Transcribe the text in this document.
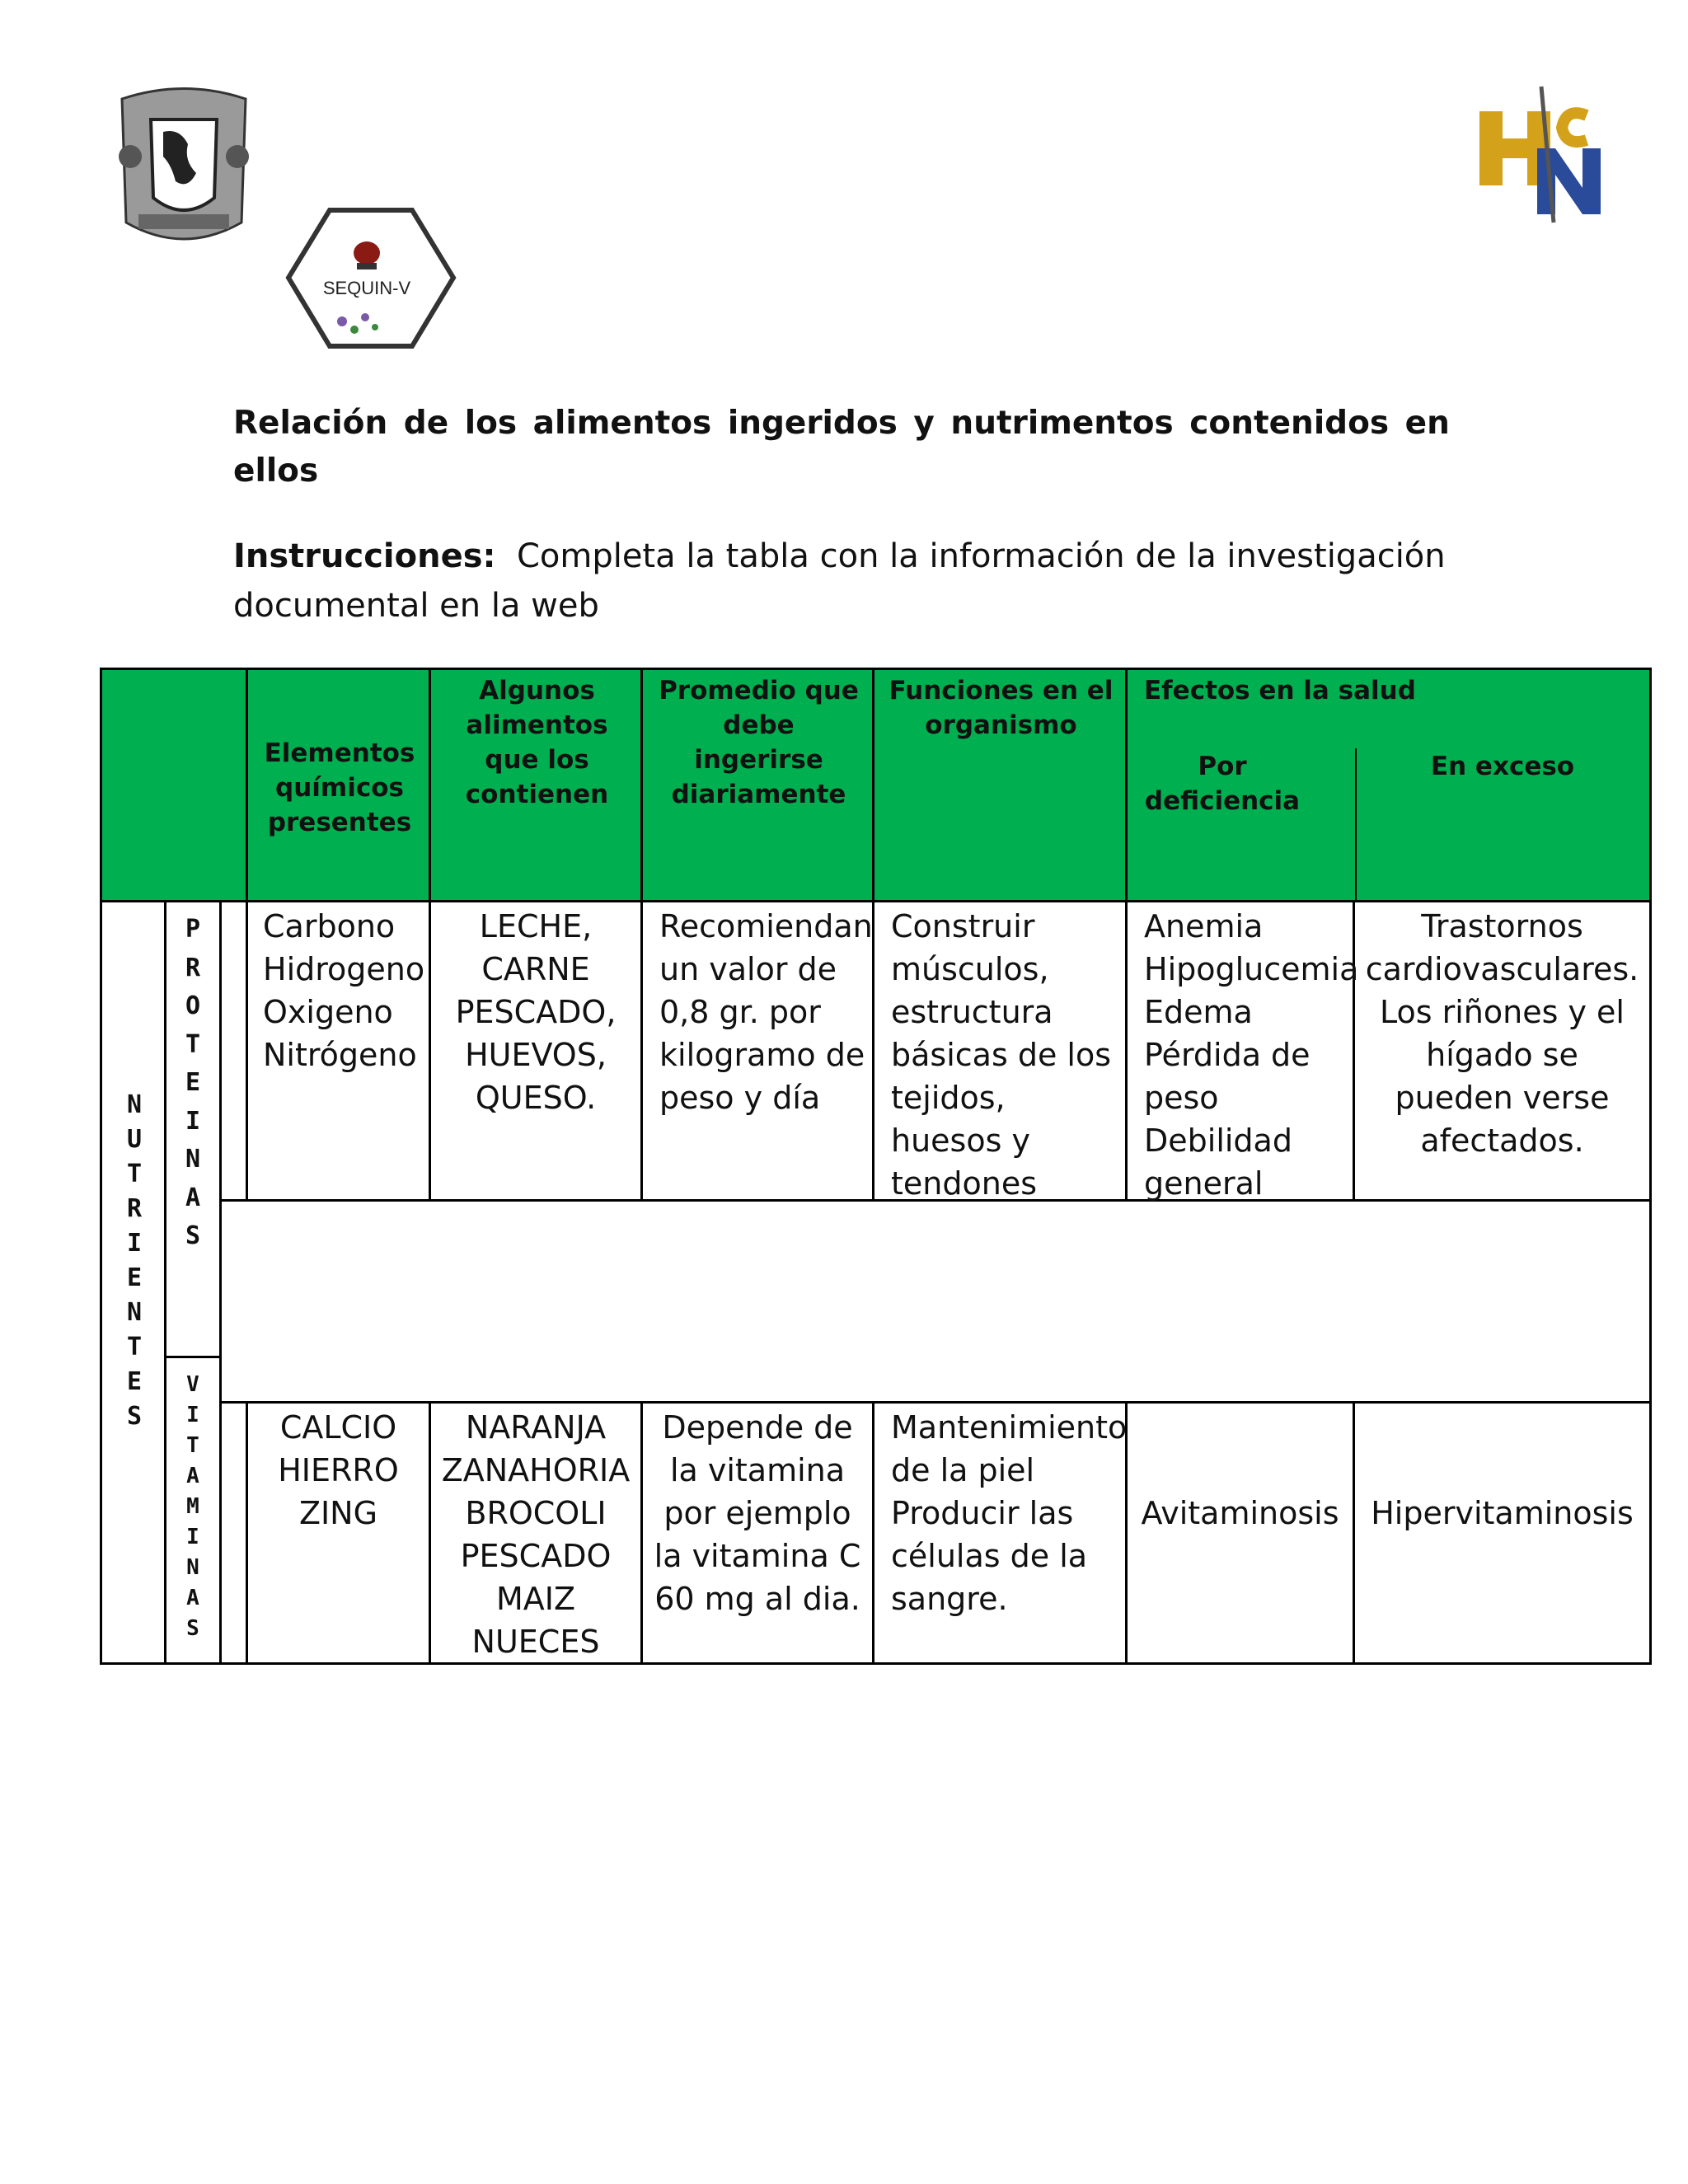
SEQUIN-V

Relación de los alimentos ingeridos y nutrimentos contenidos en ellos

Instrucciones: Completa la tabla con la información de la investigación documental en la web

Elementos químicos presentes
Algunos alimentos que los contienen
Promedio que debe ingerirse diariamente
Funciones en el organismo
Efectos en la salud
Por deficiencia
En exceso
N
U
T
R
I
E
N
T
E
S
P
R
O
T
E
I
N
A
S
V
I
T
A
M
I
N
A
S
Carbono
Hidrogeno
Oxigeno
Nitrógeno
LECHE,
CARNE
PESCADO,
HUEVOS,
QUESO.
Recomiendan
un valor de
0,8 gr. por
kilogramo de
peso y día
Construir
músculos,
estructura
básicas de los
tejidos,
huesos y
tendones
Anemia
Hipoglucemia
Edema
Pérdida de
peso
Debilidad
general
Trastornos
cardiovasculares.
Los riñones y el
hígado se
pueden verse
afectados.
CALCIO
HIERRO
ZING
NARANJA
ZANAHORIA
BROCOLI
PESCADO
MAIZ
NUECES
Depende de
la vitamina
por ejemplo
la vitamina C
60 mg al dia.
Mantenimiento
de la piel
Producir las
células de la
sangre.
Avitaminosis	Hipervitaminosis
